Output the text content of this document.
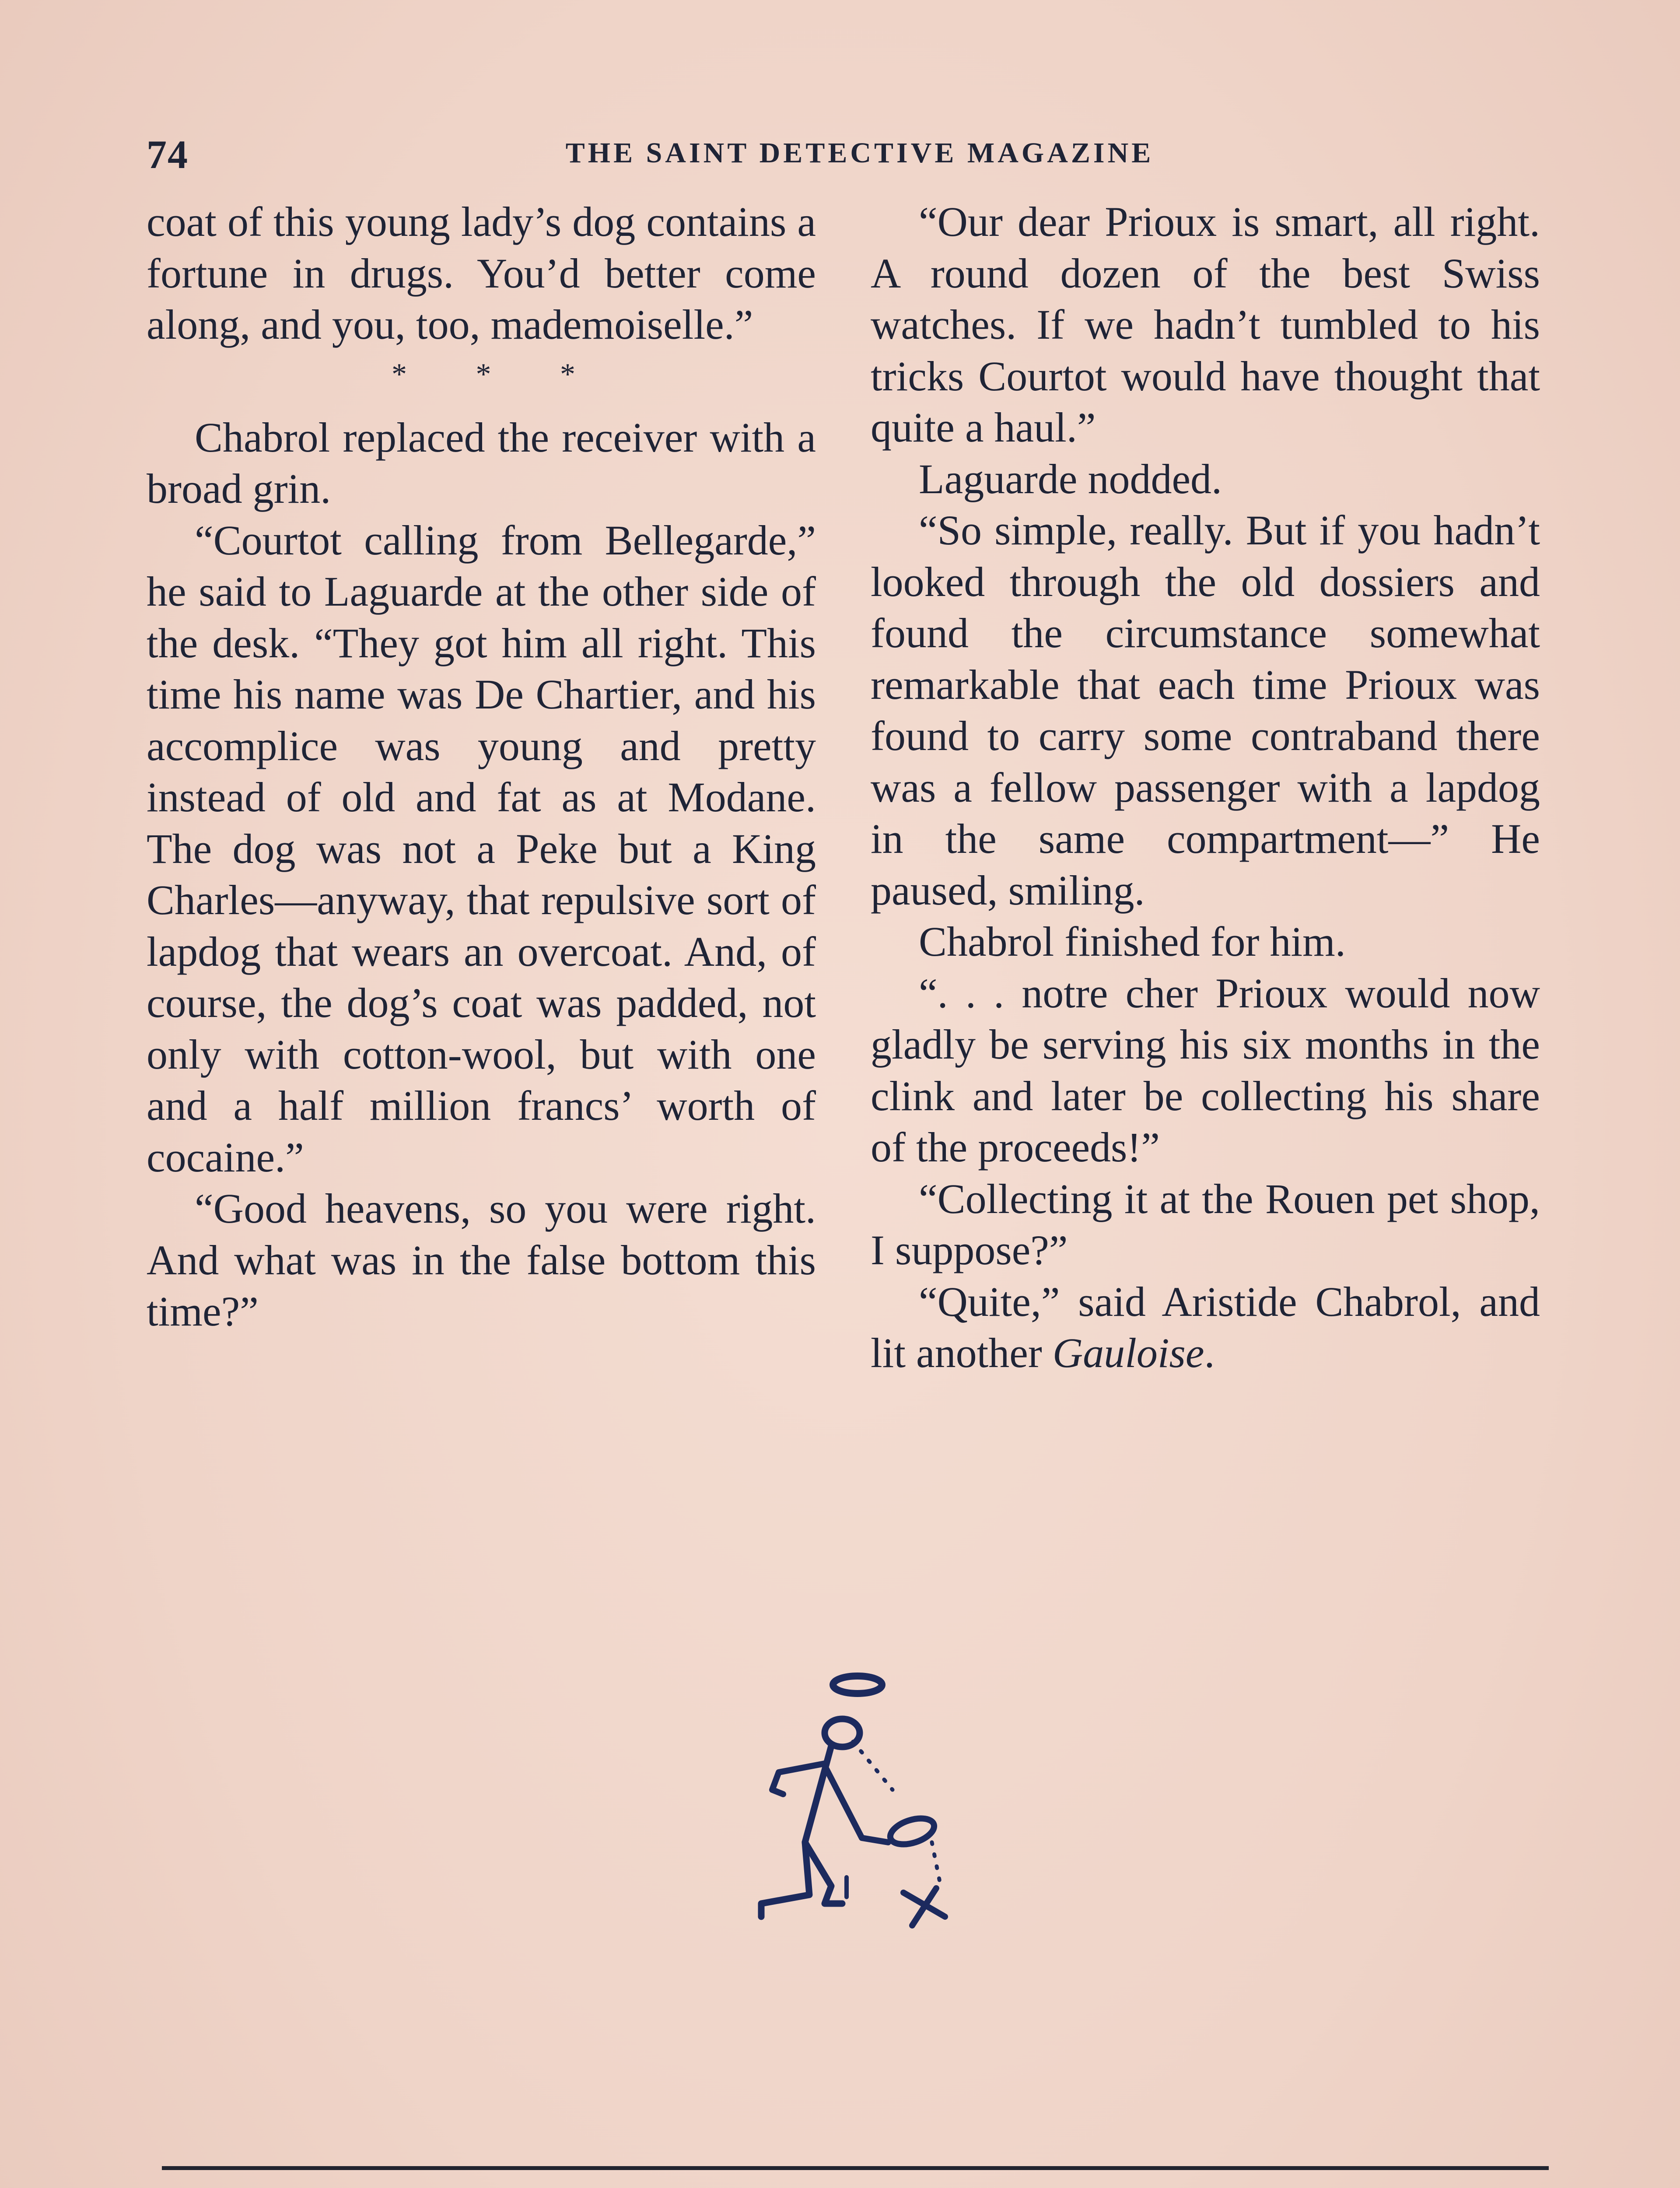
74	THE SAINT DETECTIVE MAGAZINE

coat of this young lady’s dog contains a fortune in drugs. You’d better come along, and you, too, mademoiselle.”

* * *

Chabrol replaced the receiver with a broad grin.

“Courtot calling from Bellegarde,” he said to Laguarde at the other side of the desk. “They got him all right. This time his name was De Chartier, and his accomplice was young and pretty instead of old and fat as at Modane. The dog was not a Peke but a King Charles—anyway, that repulsive sort of lapdog that wears an overcoat. And, of course, the dog’s coat was padded, not only with cotton-wool, but with one and a half million francs’ worth of cocaine.”

“Good heavens, so you were right. And what was in the false bottom this time?”

“Our dear Prioux is smart, all right. A round dozen of the best Swiss watches. If we hadn’t tumbled to his tricks Courtot would have thought that quite a haul.”

Laguarde nodded.

“So simple, really. But if you hadn’t looked through the old dossiers and found the circumstance somewhat remarkable that each time Prioux was found to carry some contraband there was a fellow passenger with a lapdog in the same compartment—” He paused, smiling.

Chabrol finished for him.

“. . . notre cher Prioux would now gladly be serving his six months in the clink and later be collecting his share of the proceeds!”

“Collecting it at the Rouen pet shop, I suppose?”

“Quite,” said Aristide Chabrol, and lit another Gauloise.
